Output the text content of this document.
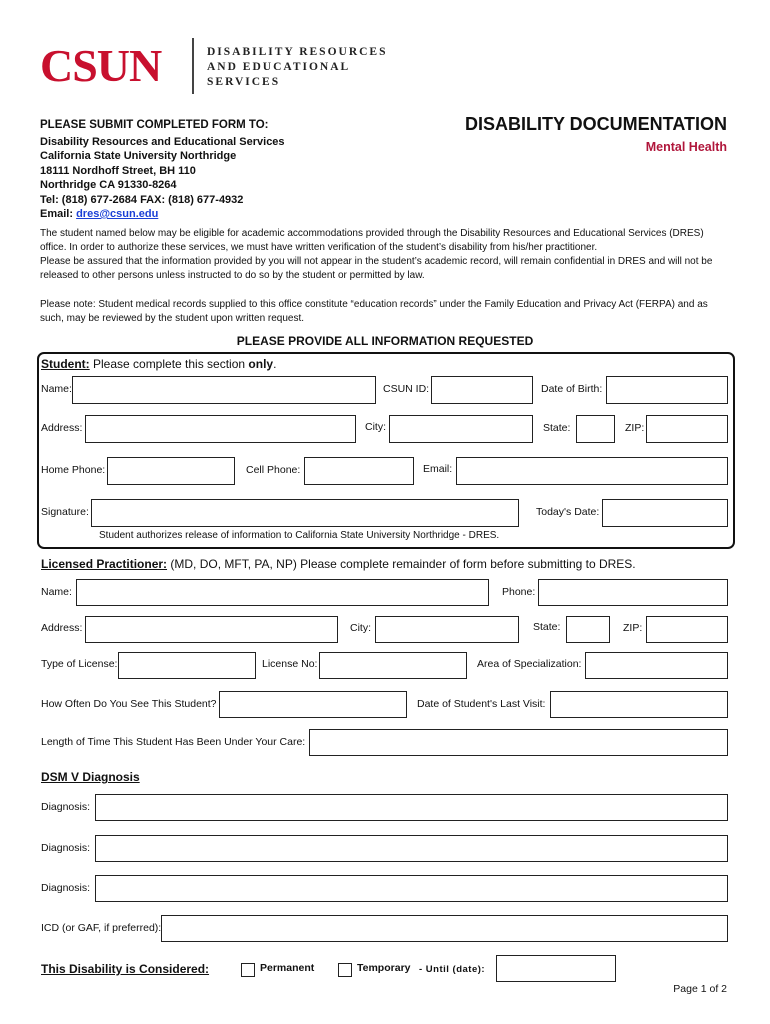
CSUN	DISABILITY RESOURCES
AND EDUCATIONAL
SERVICES
PLEASE SUBMIT COMPLETED FORM TO:
Disability Resources and Educational Services
California State University Northridge
18111 Nordhoff Street, BH 110
Northridge CA 91330-8264
Tel: (818) 677-2684 FAX: (818) 677-4932
Email: dres@csun.edu
DISABILITY DOCUMENTATION
Mental Health
The student named below may be eligible for academic accommodations provided through the Disability Resources and Educational Services (DRES) office. In order to authorize these services, we must have written verification of the student’s disability from his/her practitioner.
Please be assured that the information provided by you will not appear in the student’s academic record, will remain confidential in DRES and will not be released to other persons unless instructed to do so by the student or permitted by law.
Please note: Student medical records supplied to this office constitute “education records” under the Family Education and Privacy Act (FERPA) and as such, may be reviewed by the student upon written request.
PLEASE PROVIDE ALL INFORMATION REQUESTED
Student: Please complete this section only.
Name:	CSUN ID:	Date of Birth:
Address:	City:	State:	ZIP:
Home Phone:	Cell Phone:	Email:
Signature:	Today's Date:
Student authorizes release of information to California State University Northridge - DRES.
Licensed Practitioner: (MD, DO, MFT, PA, NP) Please complete remainder of form before submitting to DRES.
Name:	Phone:
Address:	City:	State:	ZIP:
Type of License:	License No:	Area of Specialization:
How Often Do You See This Student?	Date of Student's Last Visit:
Length of Time This Student Has Been Under Your Care:
DSM V Diagnosis
Diagnosis:
Diagnosis:
Diagnosis:
ICD (or GAF, if preferred):
This Disability is Considered:	Permanent	Temporary - Until (date):
Page 1 of 2
